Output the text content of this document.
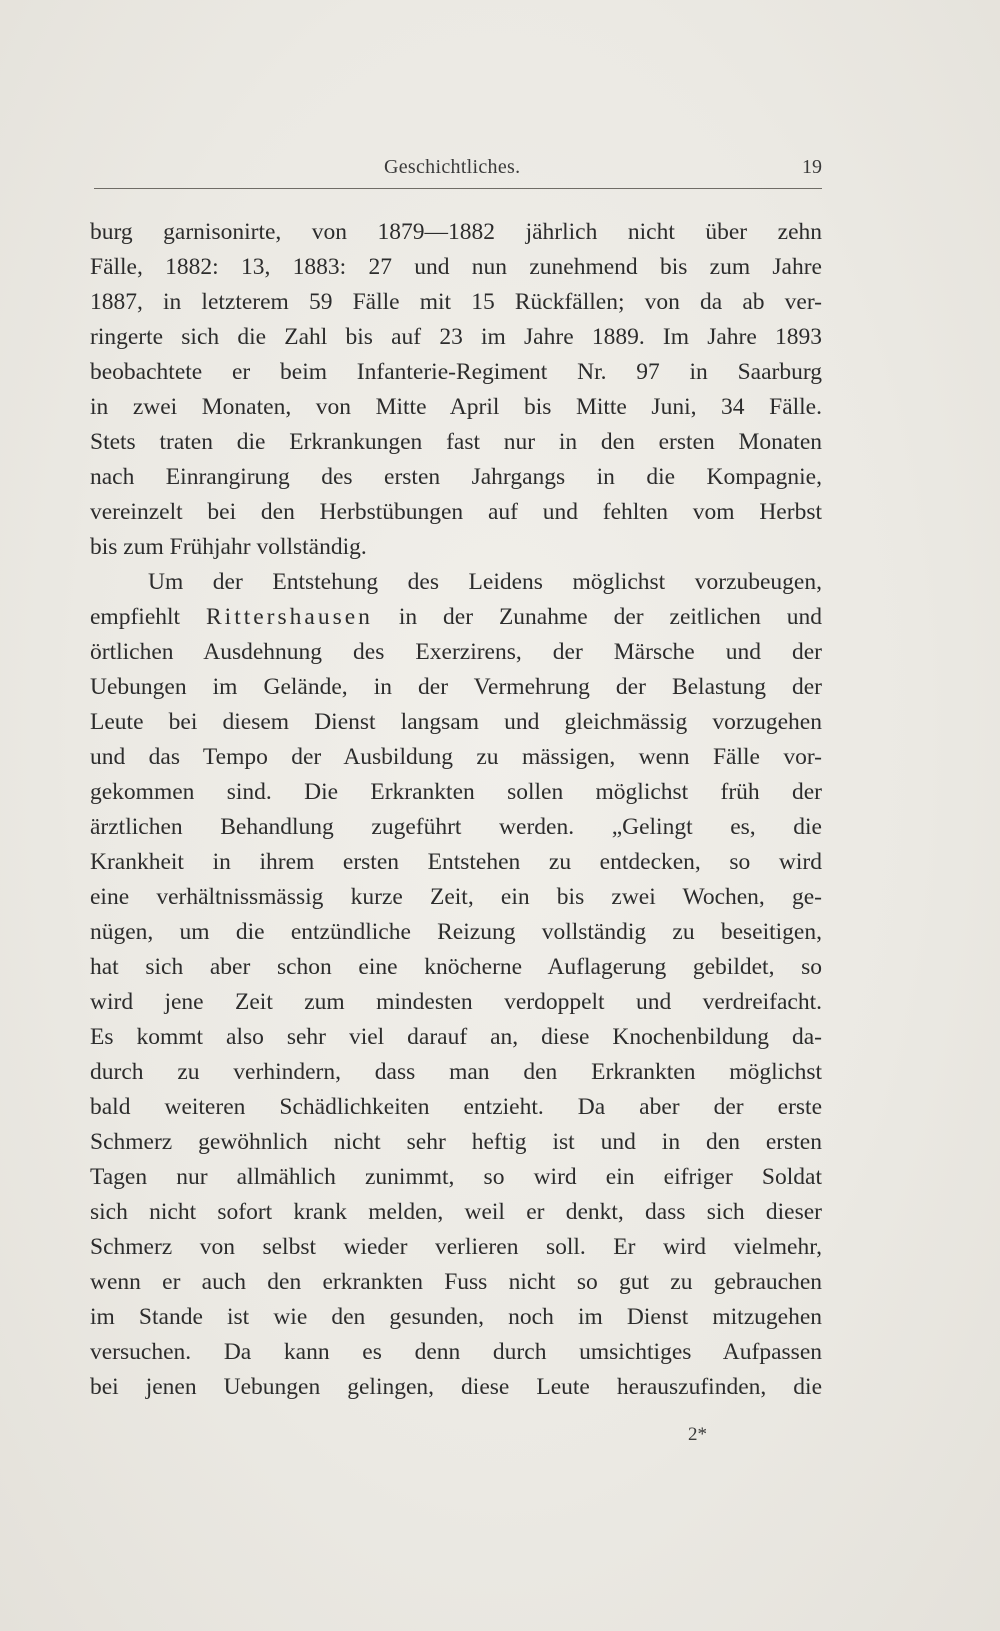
Geschichtliches.	19
burg garnisonirte, von 1879—1882 jährlich nicht über zehn
Fälle, 1882: 13, 1883: 27 und nun zunehmend bis zum Jahre
1887, in letzterem 59 Fälle mit 15 Rückfällen; von da ab ver-
ringerte sich die Zahl bis auf 23 im Jahre 1889. Im Jahre 1893
beobachtete er beim Infanterie-Regiment Nr. 97 in Saarburg
in zwei Monaten, von Mitte April bis Mitte Juni, 34 Fälle.
Stets traten die Erkrankungen fast nur in den ersten Monaten
nach Einrangirung des ersten Jahrgangs in die Kompagnie,
vereinzelt bei den Herbstübungen auf und fehlten vom Herbst
bis zum Frühjahr vollständig.
Um der Entstehung des Leidens möglichst vorzubeugen,
empfiehlt Rittershausen in der Zunahme der zeitlichen und
örtlichen Ausdehnung des Exerzirens, der Märsche und der
Uebungen im Gelände, in der Vermehrung der Belastung der
Leute bei diesem Dienst langsam und gleichmässig vorzugehen
und das Tempo der Ausbildung zu mässigen, wenn Fälle vor-
gekommen sind. Die Erkrankten sollen möglichst früh der
ärztlichen Behandlung zugeführt werden. „Gelingt es, die
Krankheit in ihrem ersten Entstehen zu entdecken, so wird
eine verhältnissmässig kurze Zeit, ein bis zwei Wochen, ge-
nügen, um die entzündliche Reizung vollständig zu beseitigen,
hat sich aber schon eine knöcherne Auflagerung gebildet, so
wird jene Zeit zum mindesten verdoppelt und verdreifacht.
Es kommt also sehr viel darauf an, diese Knochenbildung da-
durch zu verhindern, dass man den Erkrankten möglichst
bald weiteren Schädlichkeiten entzieht. Da aber der erste
Schmerz gewöhnlich nicht sehr heftig ist und in den ersten
Tagen nur allmählich zunimmt, so wird ein eifriger Soldat
sich nicht sofort krank melden, weil er denkt, dass sich dieser
Schmerz von selbst wieder verlieren soll. Er wird vielmehr,
wenn er auch den erkrankten Fuss nicht so gut zu gebrauchen
im Stande ist wie den gesunden, noch im Dienst mitzugehen
versuchen. Da kann es denn durch umsichtiges Aufpassen
bei jenen Uebungen gelingen, diese Leute herauszufinden, die
2*
